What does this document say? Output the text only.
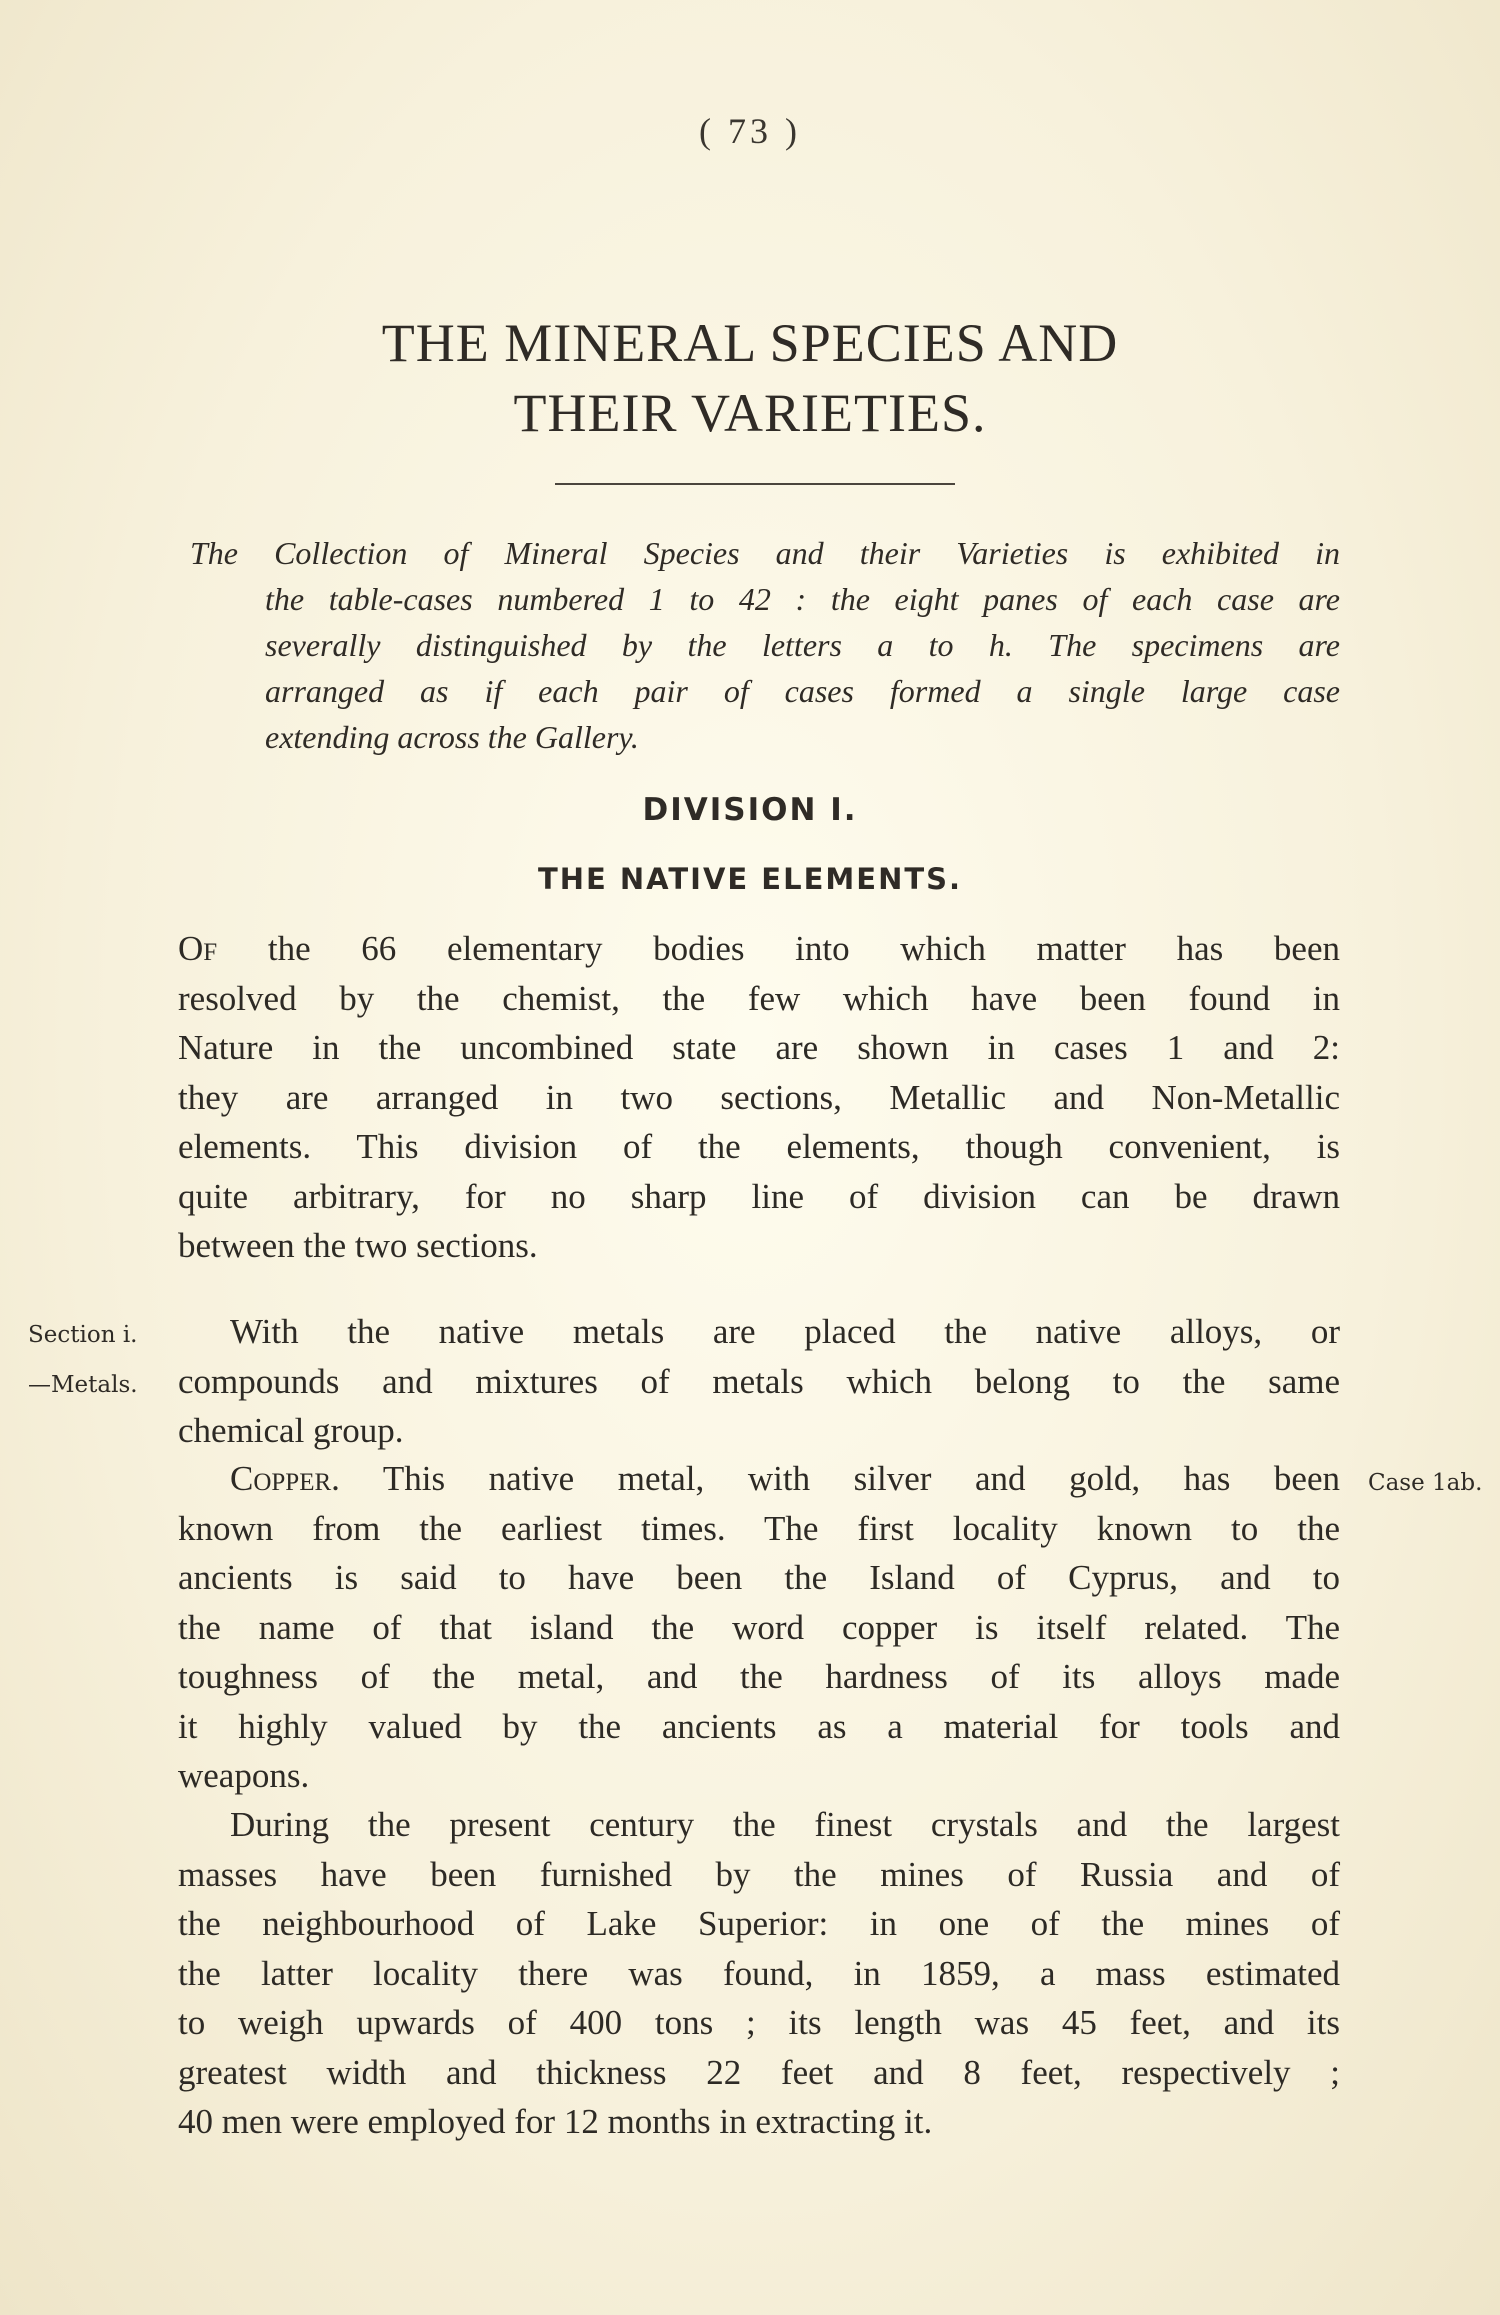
( 73 )
THE MINERAL SPECIES AND
THEIR VARIETIES.
The Collection of Mineral Species and their Varieties is exhibited in
the table-cases numbered 1 to 42 : the eight panes of each case are
severally distinguished by the letters a to h. The specimens are
arranged as if each pair of cases formed a single large case
extending across the Gallery.
DIVISION I.
THE NATIVE ELEMENTS.
Of the 66 elementary bodies into which matter has been
resolved by the chemist, the few which have been found in
Nature in the uncombined state are shown in cases 1 and 2:
they are arranged in two sections, Metallic and Non-Metallic
elements. This division of the elements, though convenient, is
quite arbitrary, for no sharp line of division can be drawn
between the two sections.
Section i.
—Metals.
With the native metals are placed the native alloys, or
compounds and mixtures of metals which belong to the same
chemical group.
Case 1ab.
Copper. This native metal, with silver and gold, has been
known from the earliest times. The first locality known to the
ancients is said to have been the Island of Cyprus, and to
the name of that island the word copper is itself related. The
toughness of the metal, and the hardness of its alloys made
it highly valued by the ancients as a material for tools and
weapons.
During the present century the finest crystals and the largest
masses have been furnished by the mines of Russia and of
the neighbourhood of Lake Superior: in one of the mines of
the latter locality there was found, in 1859, a mass estimated
to weigh upwards of 400 tons ; its length was 45 feet, and its
greatest width and thickness 22 feet and 8 feet, respectively ;
40 men were employed for 12 months in extracting it.
